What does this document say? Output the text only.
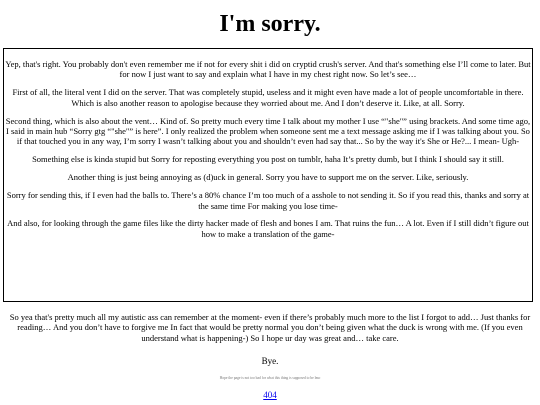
I'm sorry.

Yep, that's right. You probably don't even remember me if not for every shit i did on cryptid crush's server. And that's something else I’ll come to later. But for now I just want to say and explain what I have in my chest right now. So let’s see…

First of all, the literal vent I did on the server. That was completely stupid, useless and it might even have made a lot of people uncomfortable in there. Which is also another reason to apologise because they worried about me. And I don’t deserve it. Like, at all. Sorry.

Second thing, which is also about the vent… Kind of. So pretty much every time I talk about my mother I use “"she"” using brackets. And some time ago, I said in main hub “Sorry gtg “"she"” is here”. I only realized the problem when someone sent me a text message asking me if I was talking about you. So if that touched you in any way, I’m sorry I wasn’t talking about you and shouldn’t even had say that... So by the way it's She or He?... I mean- Ugh-

Something else is kinda stupid but Sorry for reposting everything you post on tumblr, haha It’s pretty dumb, but I think I should say it still.

Another thing is just being annoying as (d)uck in general. Sorry you have to support me on the server. Like, seriously.

Sorry for sending this, if I even had the balls to. There’s a 80% chance I’m too much of a asshole to not sending it. So if you read this, thanks and sorry at the same time For making you lose time-

And also, for looking through the game files like the dirty hacker made of flesh and bones I am. That ruins the fun… A lot. Even if I still didn’t figure out how to make a translation of the game-

So yea that's pretty much all my autistic ass can remember at the moment- even if there’s probably much more to the list I forgot to add… Just thanks for reading… And you don’t have to forgive me In fact that would be pretty normal you don’t being given what the duck is wrong with me. (If you even understand what is happening-) So I hope ur day was great and… take care.

Bye.

Hope the page is not too bad for what this thing is supposed to be lmo

404
